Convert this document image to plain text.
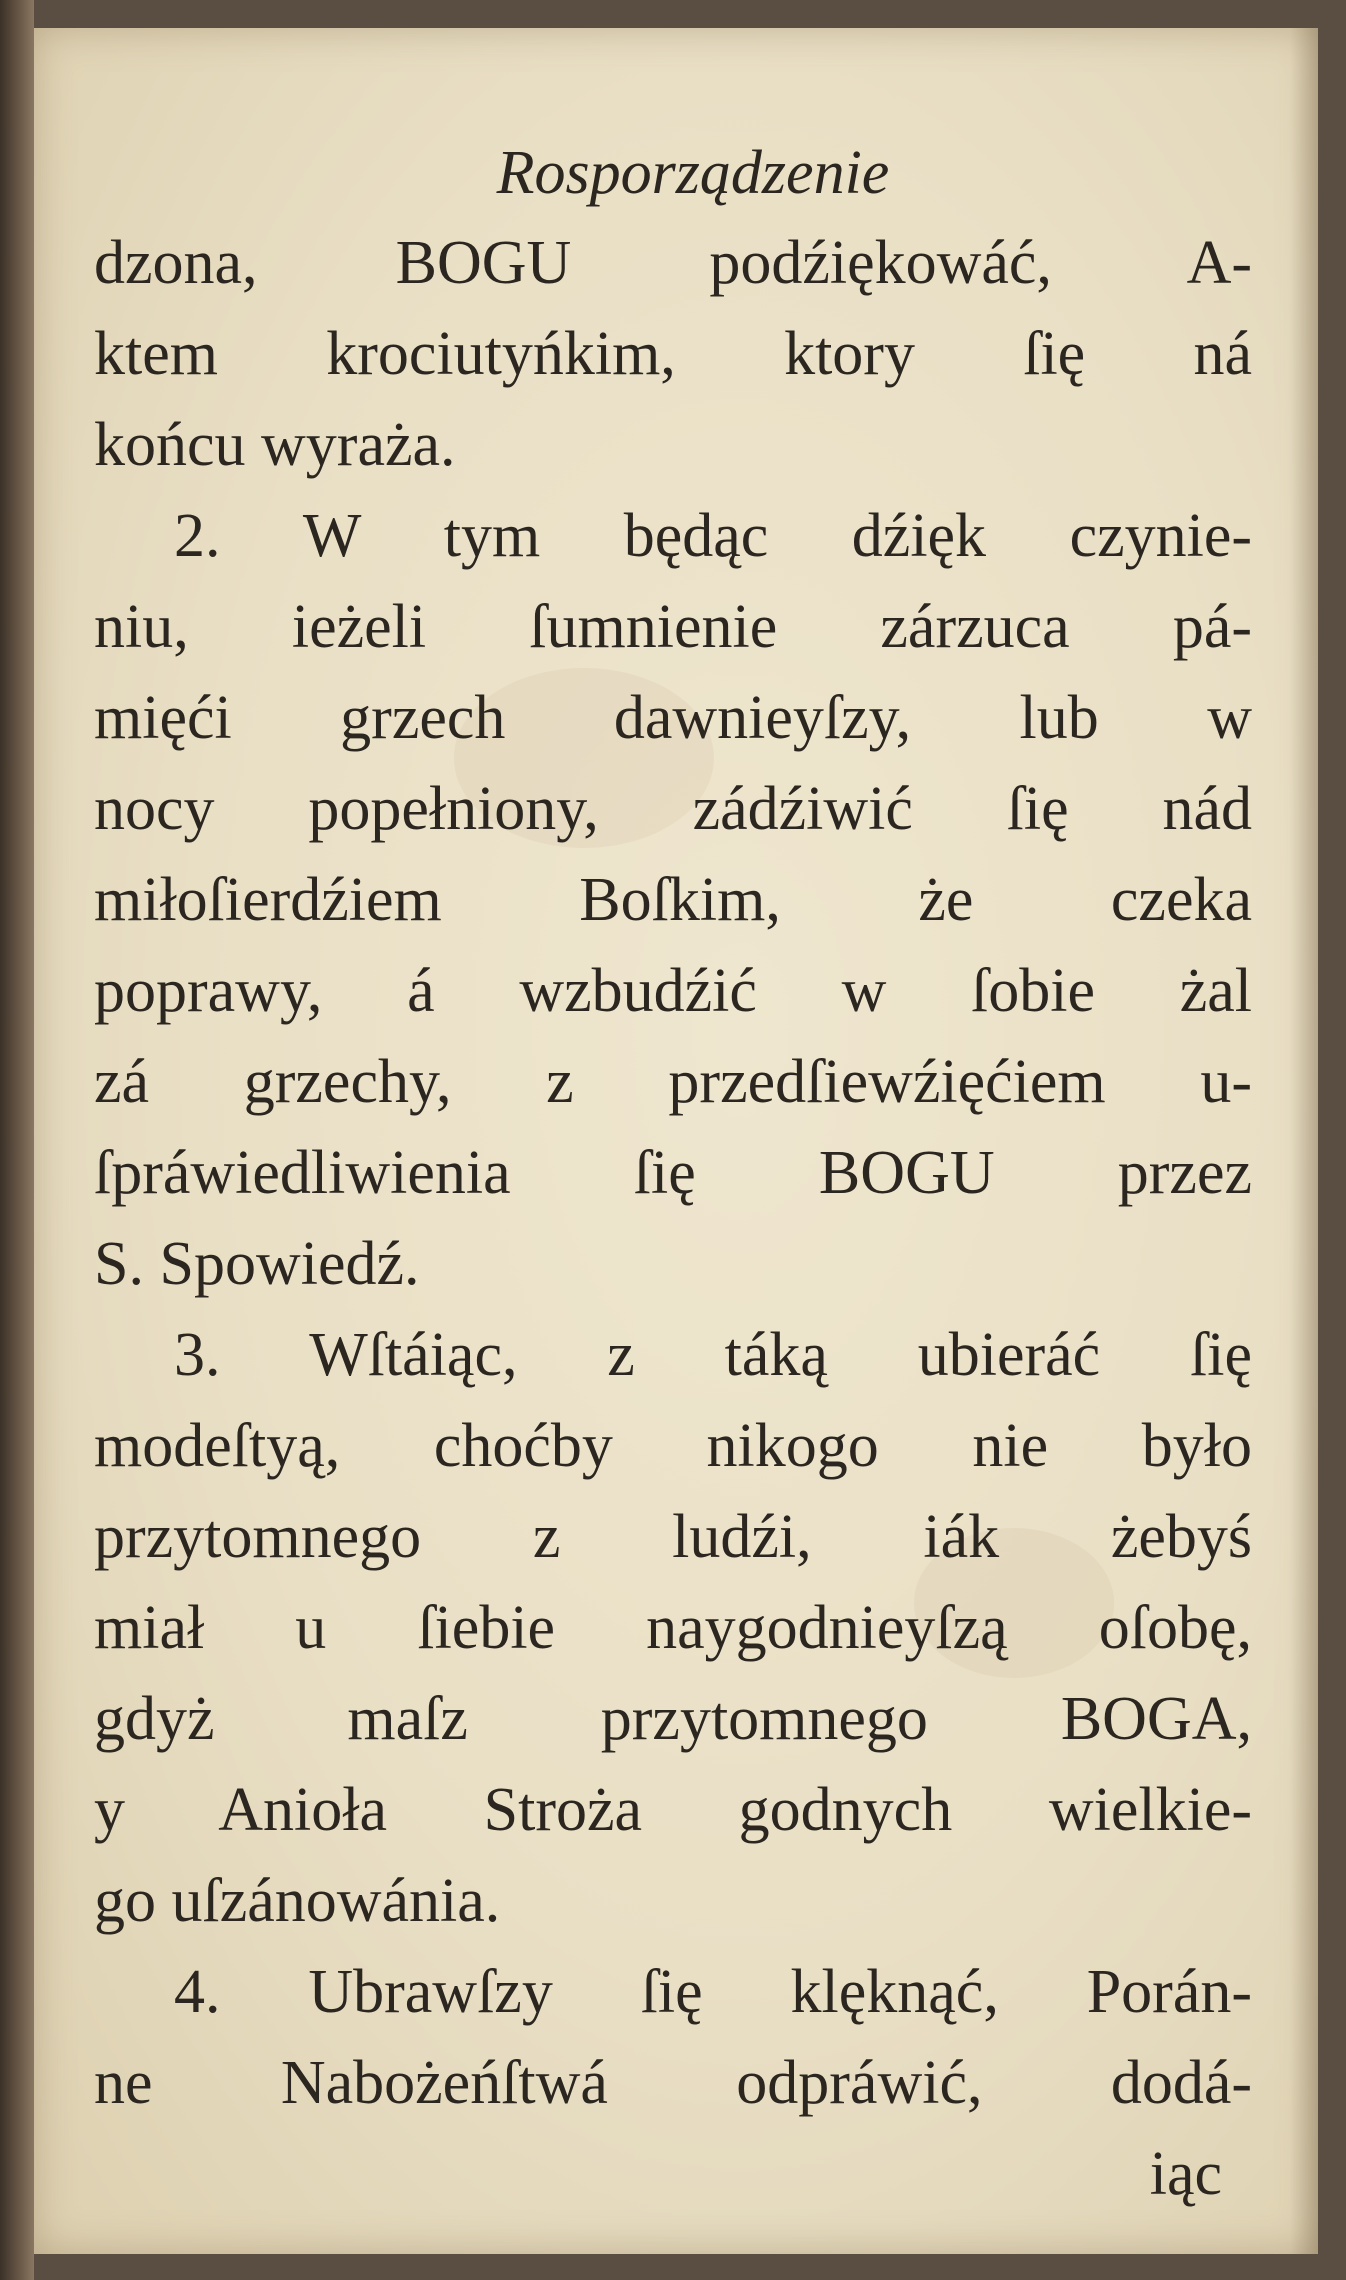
Rosporządzenie
dzona, BOGU podźiękowáć, A-
ktem krociutyńkim, ktory ſię ná
końcu wyraża.
2. W tym będąc dźięk czynie-
niu, ieżeli ſumnienie zárzuca pá-
mięći grzech dawnieyſzy, lub w
nocy popełniony, zádźiwić ſię nád
miłoſierdźiem Boſkim, że czeka
poprawy, á wzbudźić w ſobie żal
zá grzechy, z przedſiewźięćiem u-
ſpráwiedliwienia ſię BOGU przez
S. Spowiedź.
3. Wſtáiąc, z táką ubieráć ſię
modeſtyą, choćby nikogo nie było
przytomnego z ludźi, iák żebyś
miał u ſiebie naygodnieyſzą oſobę,
gdyż maſz przytomnego BOGA,
y Anioła Stroża godnych wielkie-
go uſzánowánia.
4. Ubrawſzy ſię klęknąć, Porán-
ne Nabożeńſtwá odpráwić, dodá-
iąc
